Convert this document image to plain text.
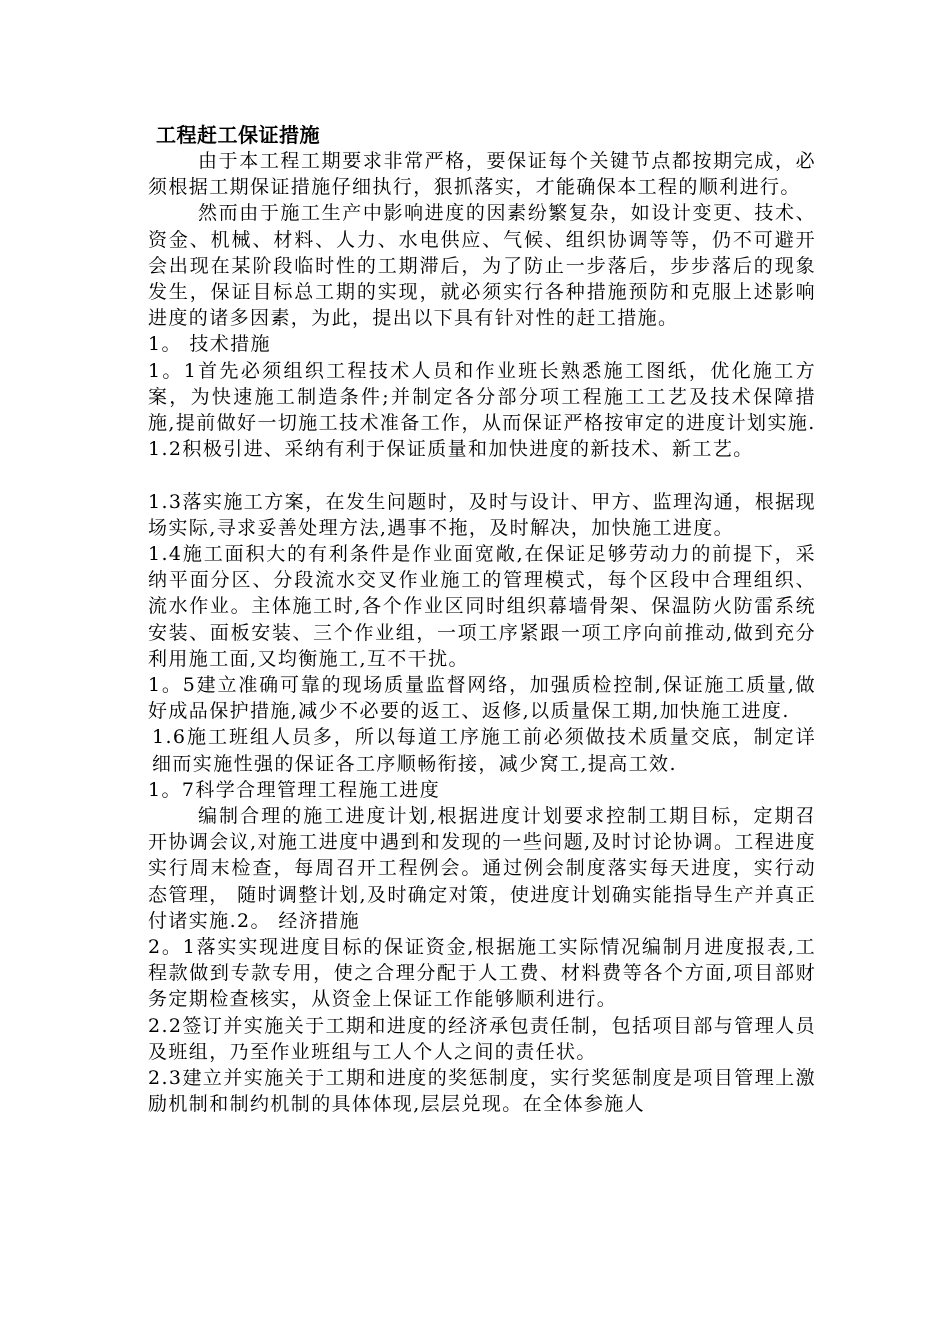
工程赶工保证措施

由于本工程工期要求非常严格，要保证每个关键节点都按期完成，必须根据工期保证措施仔细执行，狠抓落实，才能确保本工程的顺利进行。

然而由于施工生产中影响进度的因素纷繁复杂，如设计变更、技术、资金、机械、材料、人力、水电供应、气候、组织协调等等，仍不可避开会出现在某阶段临时性的工期滞后，为了防止一步落后，步步落后的现象发生，保证目标总工期的实现，就必须实行各种措施预防和克服上述影响进度的诸多因素，为此，提出以下具有针对性的赶工措施。

1。 技术措施

1。1首先必须组织工程技术人员和作业班长熟悉施工图纸，优化施工方案，为快速施工制造条件;并制定各分部分项工程施工工艺及技术保障措施,提前做好一切施工技术准备工作，从而保证严格按审定的进度计划实施.

1.2积极引进、采纳有利于保证质量和加快进度的新技术、新工艺。

1.3落实施工方案，在发生问题时，及时与设计、甲方、监理沟通，根据现场实际,寻求妥善处理方法,遇事不拖，及时解决，加快施工进度。

1.4施工面积大的有利条件是作业面宽敞,在保证足够劳动力的前提下，采纳平面分区、分段流水交叉作业施工的管理模式，每个区段中合理组织、流水作业。主体施工时,各个作业区同时组织幕墙骨架、保温防火防雷系统安装、面板安装、三个作业组，一项工序紧跟一项工序向前推动,做到充分利用施工面,又均衡施工,互不干扰。

1。5建立准确可靠的现场质量监督网络，加强质检控制,保证施工质量,做好成品保护措施,减少不必要的返工、返修,以质量保工期,加快施工进度.

1.6施工班组人员多，所以每道工序施工前必须做技术质量交底，制定详细而实施性强的保证各工序顺畅衔接，减少窝工,提高工效.

1。7科学合理管理工程施工进度

编制合理的施工进度计划,根据进度计划要求控制工期目标，定期召开协调会议,对施工进度中遇到和发现的一些问题,及时讨论协调。工程进度实行周末检查，每周召开工程例会。通过例会制度落实每天进度，实行动态管理， 随时调整计划,及时确定对策，使进度计划确实能指导生产并真正付诸实施.2。 经济措施

2。1落实实现进度目标的保证资金,根据施工实际情况编制月进度报表,工程款做到专款专用，使之合理分配于人工费、材料费等各个方面,项目部财务定期检查核实，从资金上保证工作能够顺利进行。

2.2签订并实施关于工期和进度的经济承包责任制，包括项目部与管理人员及班组，乃至作业班组与工人个人之间的责任状。

2.3建立并实施关于工期和进度的奖惩制度，实行奖惩制度是项目管理上激励机制和制约机制的具体体现,层层兑现。在全体参施人
